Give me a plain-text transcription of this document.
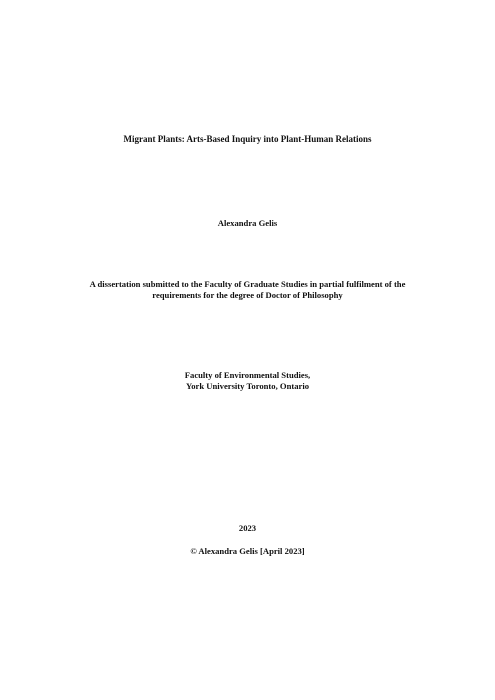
Migrant Plants: Arts-Based Inquiry into Plant-Human Relations
Alexandra Gelis
A dissertation submitted to the Faculty of Graduate Studies in partial fulfilment of the
requirements for the degree of Doctor of Philosophy
Faculty of Environmental Studies,
York University Toronto, Ontario
2023
© Alexandra Gelis [April 2023]
